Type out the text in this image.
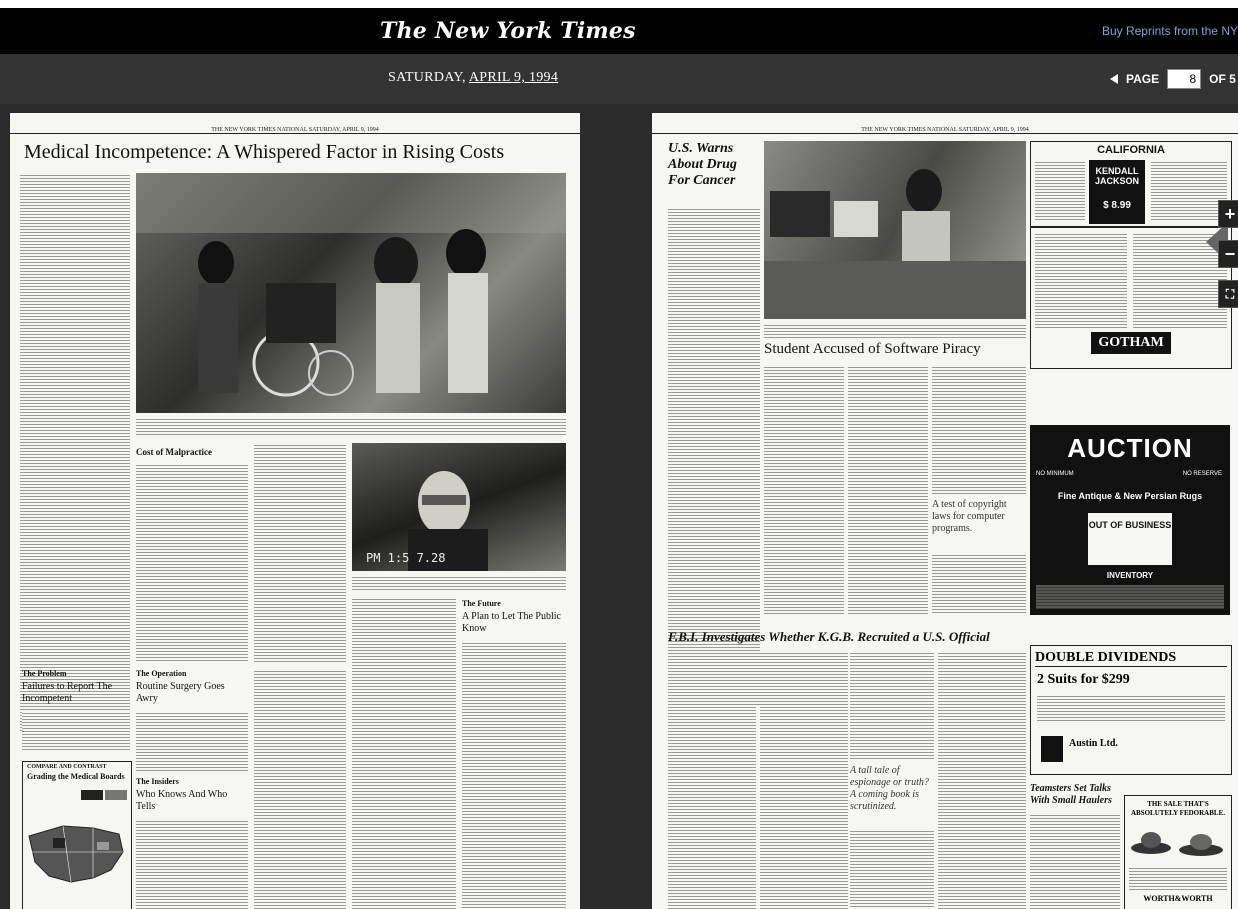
The New York Times	Buy Reprints from the NY
SATURDAY, APRIL 9, 1994	PAGE
8	OF 5
THE NEW YORK TIMES NATIONAL SATURDAY, APRIL 9, 1994
Medical Incompetence: A Whispered Factor in Rising Costs
Cost of Malpractice
PM 1:5 7.28
The Problem
Failures to Report The Incompetent
The Operation
Routine Surgery Goes Awry
The Future
A Plan to Let The Public Know
The Insiders
Who Knows And Who Tells
COMPARE AND CONTRAST
Grading the Medical Boards
THE NEW YORK TIMES NATIONAL SATURDAY, APRIL 9, 1994
U.S. Warns About Drug For Cancer
Student Accused of Software Piracy
A test of copyright laws for computer programs.
CALIFORNIA
KENDALL JACKSON
$ 8.99
GOTHAM
AUCTION
NO MINIMUM	NO RESERVE
Fine Antique & New Persian Rugs
OUT OF BUSINESS
INVENTORY
F.B.I. Investigates Whether K.G.B. Recruited a U.S. Official
A tall tale of espionage or truth? A coming book is scrutinized.
DOUBLE DIVIDENDS
2 Suits for $299
Austin Ltd.
Teamsters Set Talks With Small Haulers	THE SALE THAT'S ABSOLUTELY FEDORABLE.
WORTH&WORTH
+
−
⛶
